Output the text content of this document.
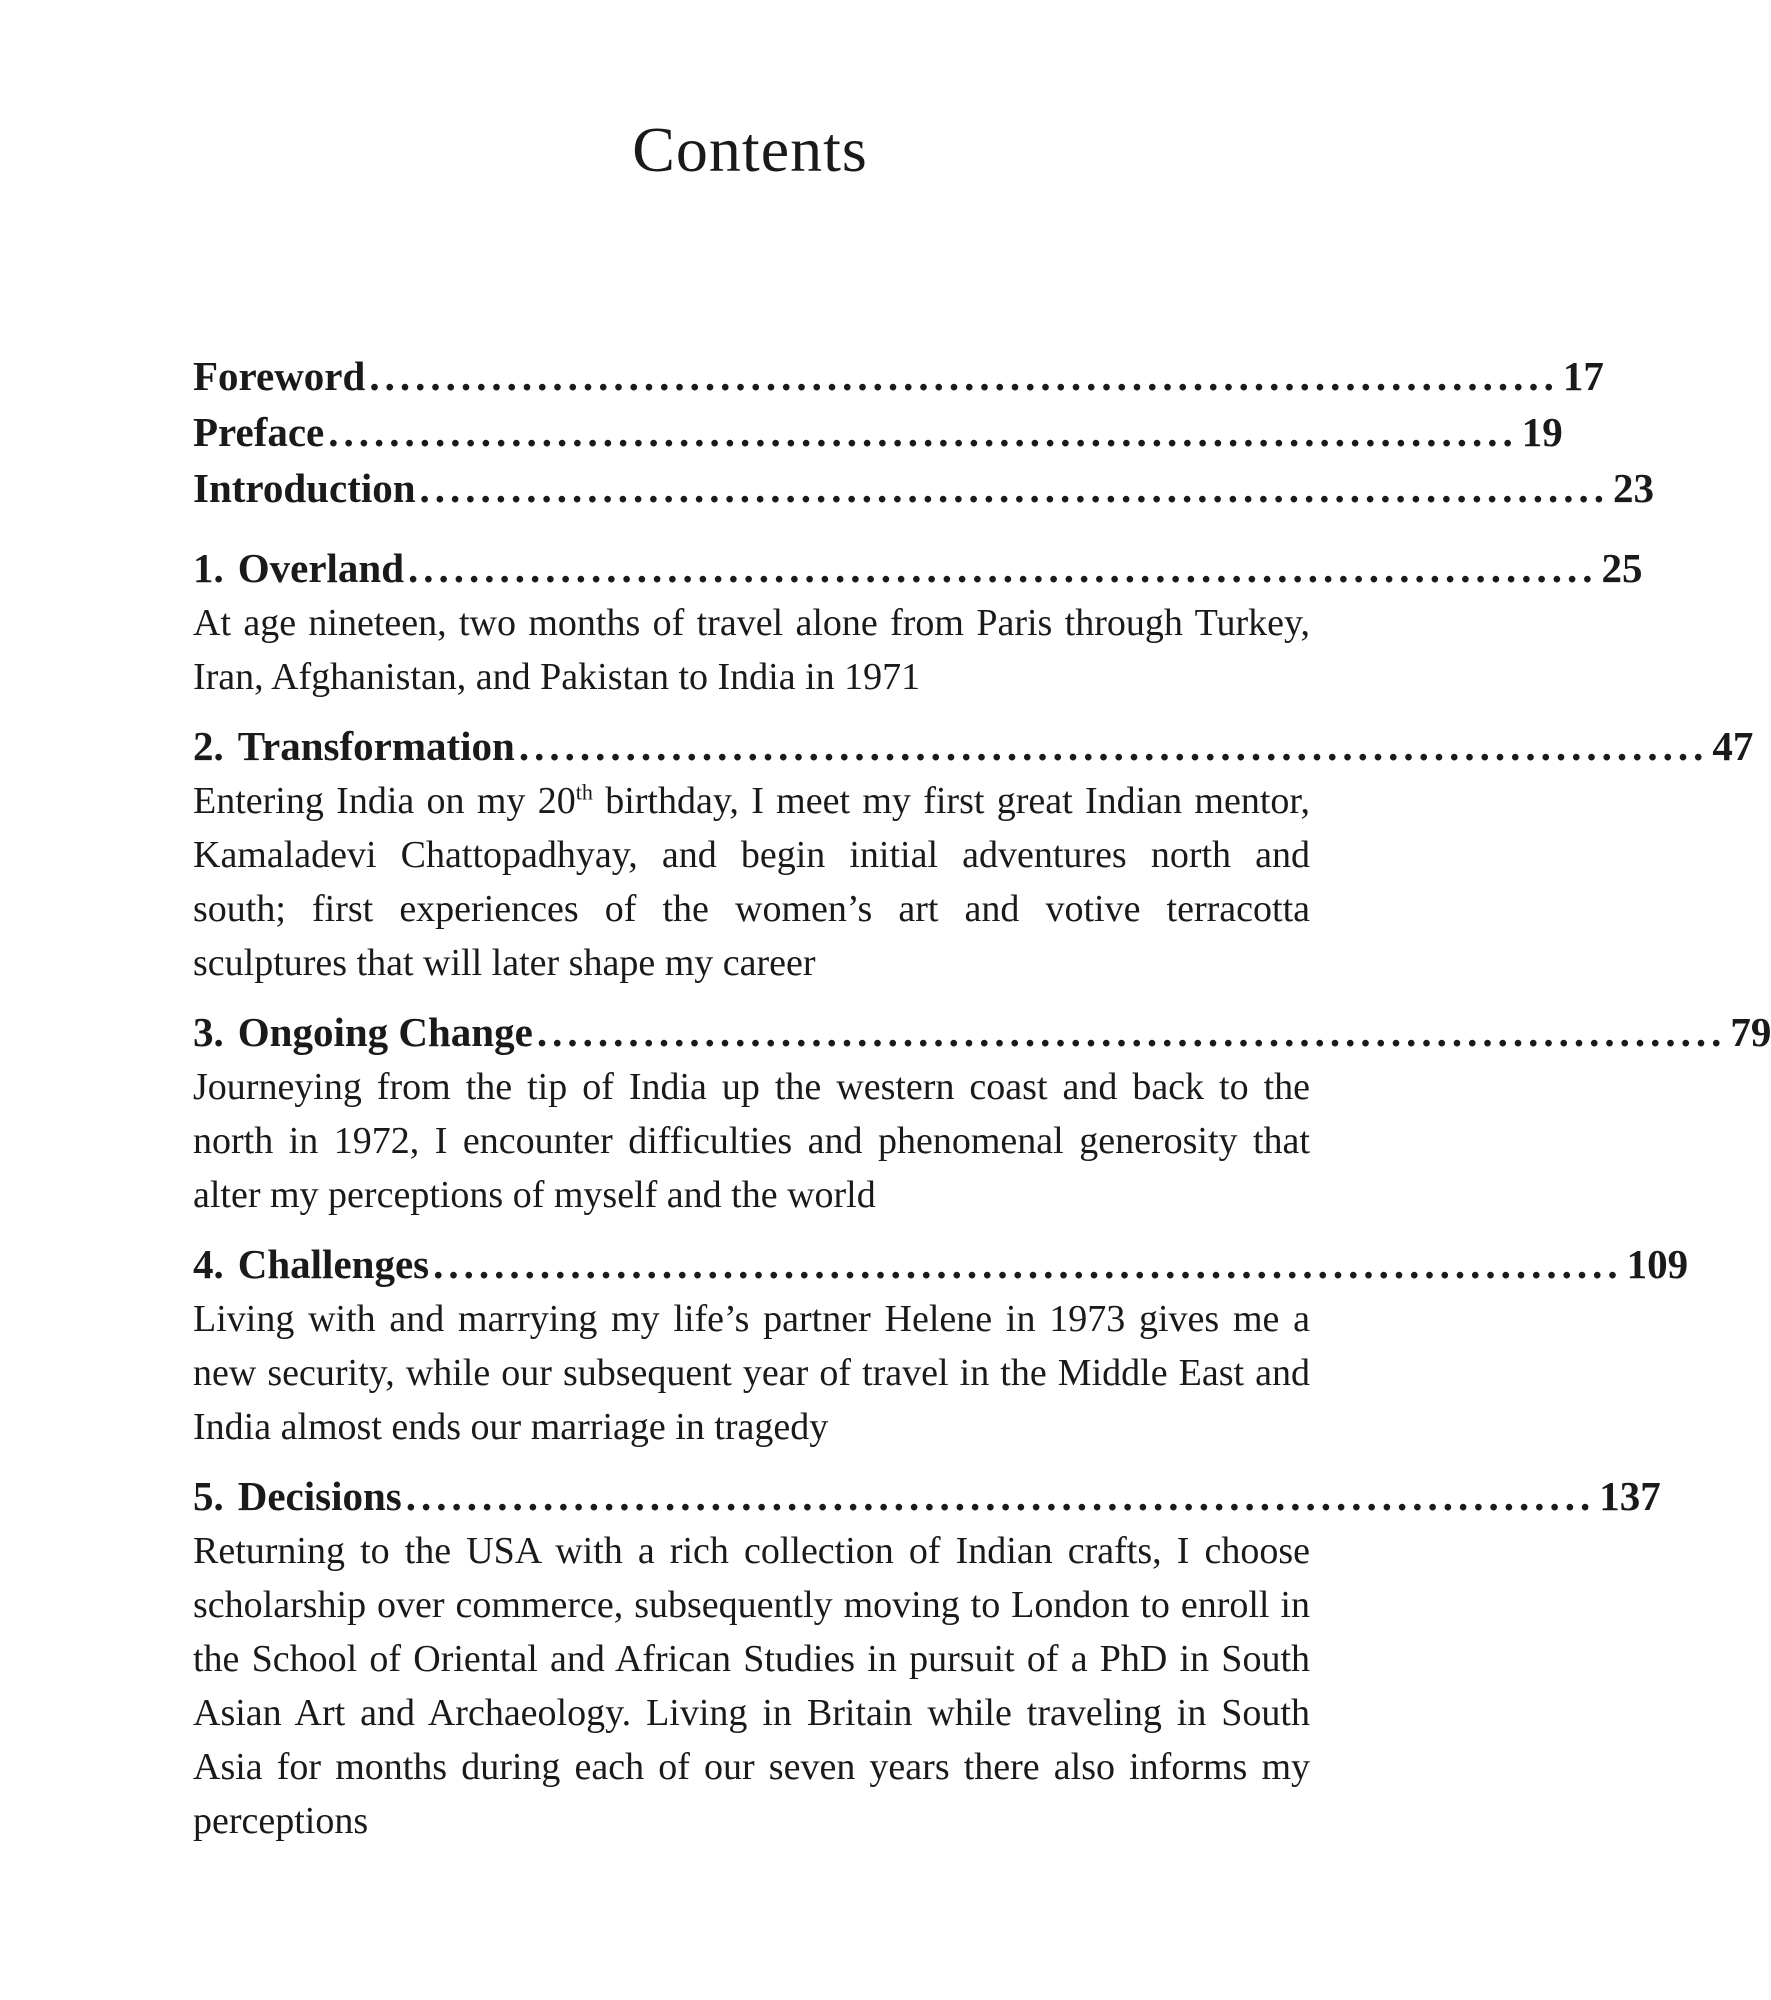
Contents
Foreword .............................................................................. 17
Preface .............................................................................. 19
Introduction .............................................................................. 23
1. Overland .............................................................................. 25
At age nineteen, two months of travel alone from Paris through Turkey, Iran, Afghanistan, and Pakistan to India in 1971
2. Transformation .............................................................................. 47
Entering India on my 20th birthday, I meet my first great Indian mentor, Kamaladevi Chattopadhyay, and begin initial adventures north and south; first experiences of the women’s art and votive terracotta sculptures that will later shape my career
3. Ongoing Change .............................................................................. 79
Journeying from the tip of India up the western coast and back to the north in 1972, I encounter difficulties and phenomenal generosity that alter my perceptions of myself and the world
4. Challenges .............................................................................. 109
Living with and marrying my life’s partner Helene in 1973 gives me a new security, while our subsequent year of travel in the Middle East and India almost ends our marriage in tragedy
5. Decisions .............................................................................. 137
Returning to the USA with a rich collection of Indian crafts, I choose scholarship over commerce, subsequently moving to London to enroll in the School of Oriental and African Studies in pursuit of a PhD in South Asian Art and Archaeology. Living in Britain while traveling in South Asia for months during each of our seven years there also informs my perceptions
